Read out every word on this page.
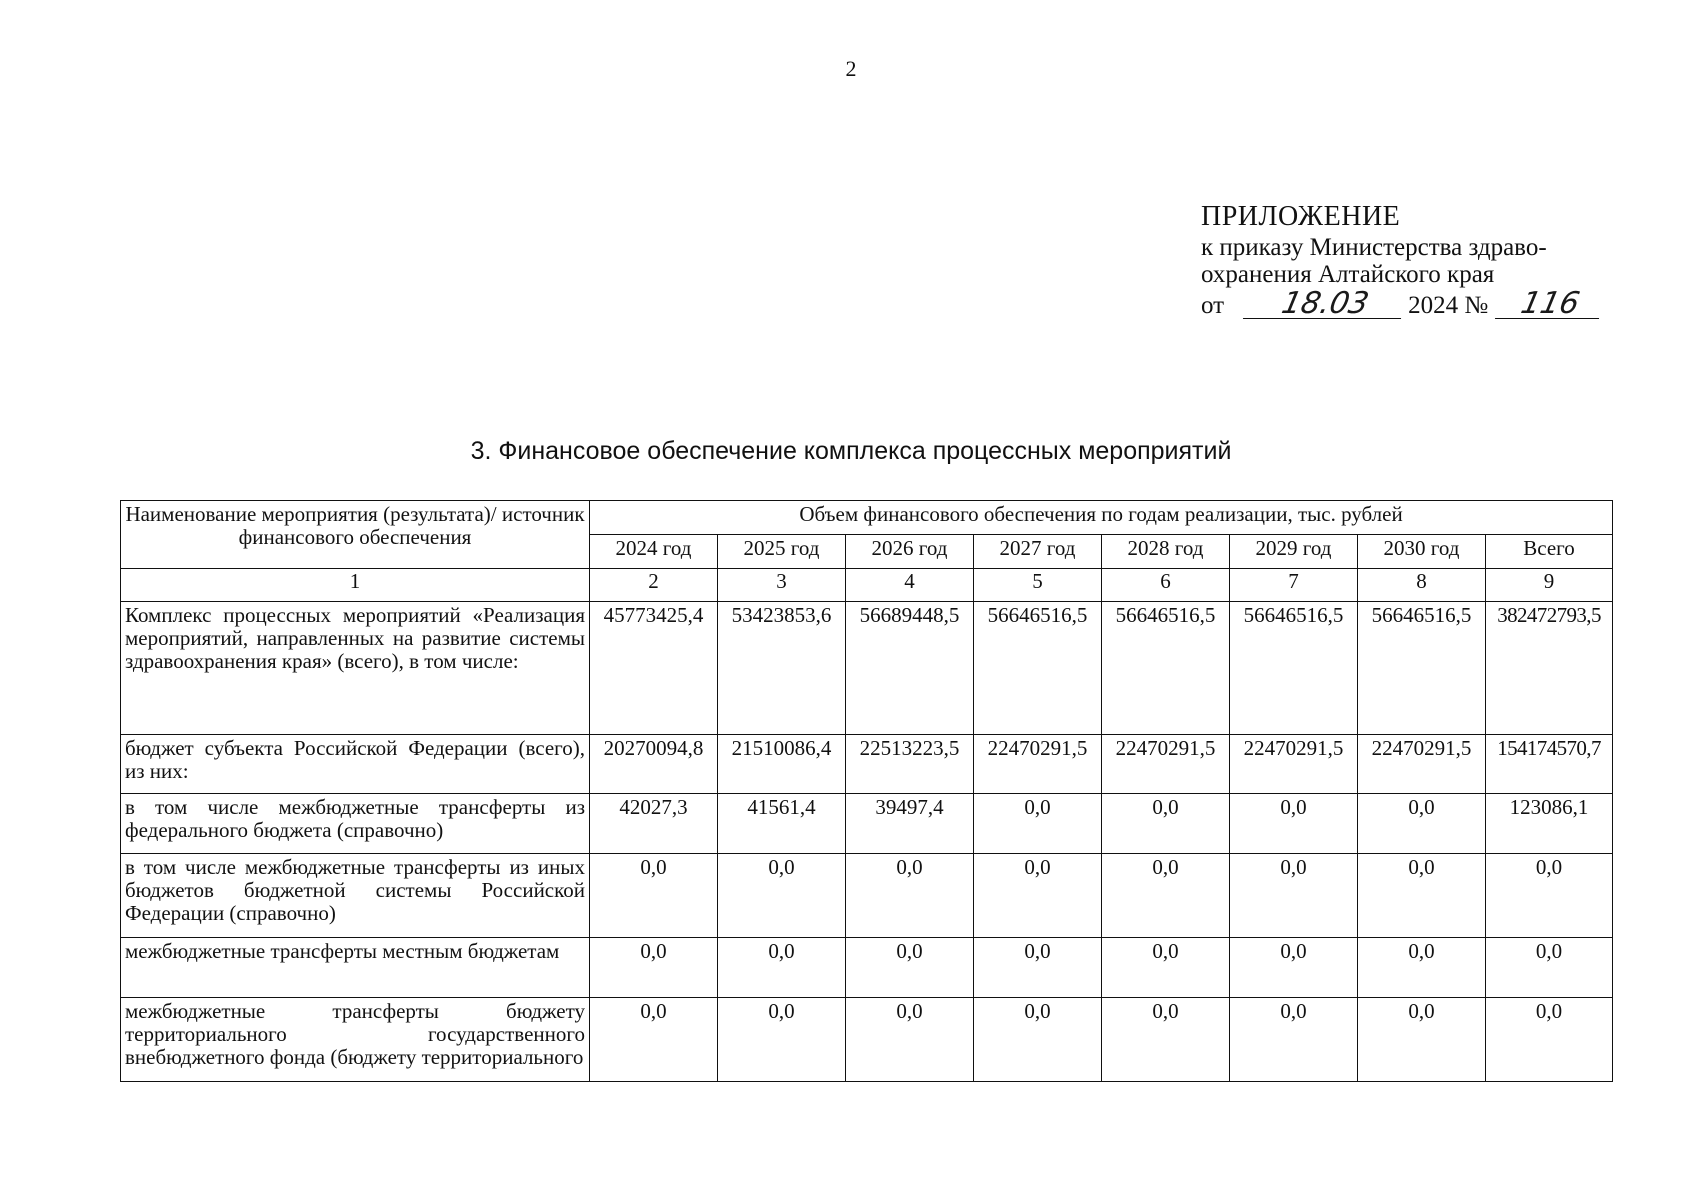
2
ПРИЛОЖЕНИЕ
к приказу Министерства здраво-
охранения Алтайского края
от	18.03	2024 № 116
3. Финансовое обеспечение комплекса процессных мероприятий
Наименование мероприятия (результата)/ источник финансового обеспечения	Объем финансового обеспечения по годам реализации, тыс. рублей							
	2024 год	2025 год	2026 год	2027 год	2028 год	2029 год	2030 год	Всего
1	2	3	4	5	6	7	8	9
Комплекс процессных мероприятий «Реализация мероприятий, направленных на развитие системы здравоохранения края» (всего), в том числе:	45773425,4	53423853,6	56689448,5	56646516,5	56646516,5	56646516,5	56646516,5	382472793,5
бюджет субъекта Российской Федерации (всего), из них:	20270094,8	21510086,4	22513223,5	22470291,5	22470291,5	22470291,5	22470291,5	154174570,7
в том числе межбюджетные трансферты из федерального бюджета (справочно)	42027,3	41561,4	39497,4	0,0	0,0	0,0	0,0	123086,1
в том числе межбюджетные трансферты из иных бюджетов бюджетной системы Российской Федерации (справочно)	0,0	0,0	0,0	0,0	0,0	0,0	0,0	0,0
межбюджетные трансферты местным бюджетам	0,0	0,0	0,0	0,0	0,0	0,0	0,0	0,0
межбюджетные трансферты бюджету территориального государственного внебюджетного фонда (бюджету территориального	0,0	0,0	0,0	0,0	0,0	0,0	0,0	0,0
